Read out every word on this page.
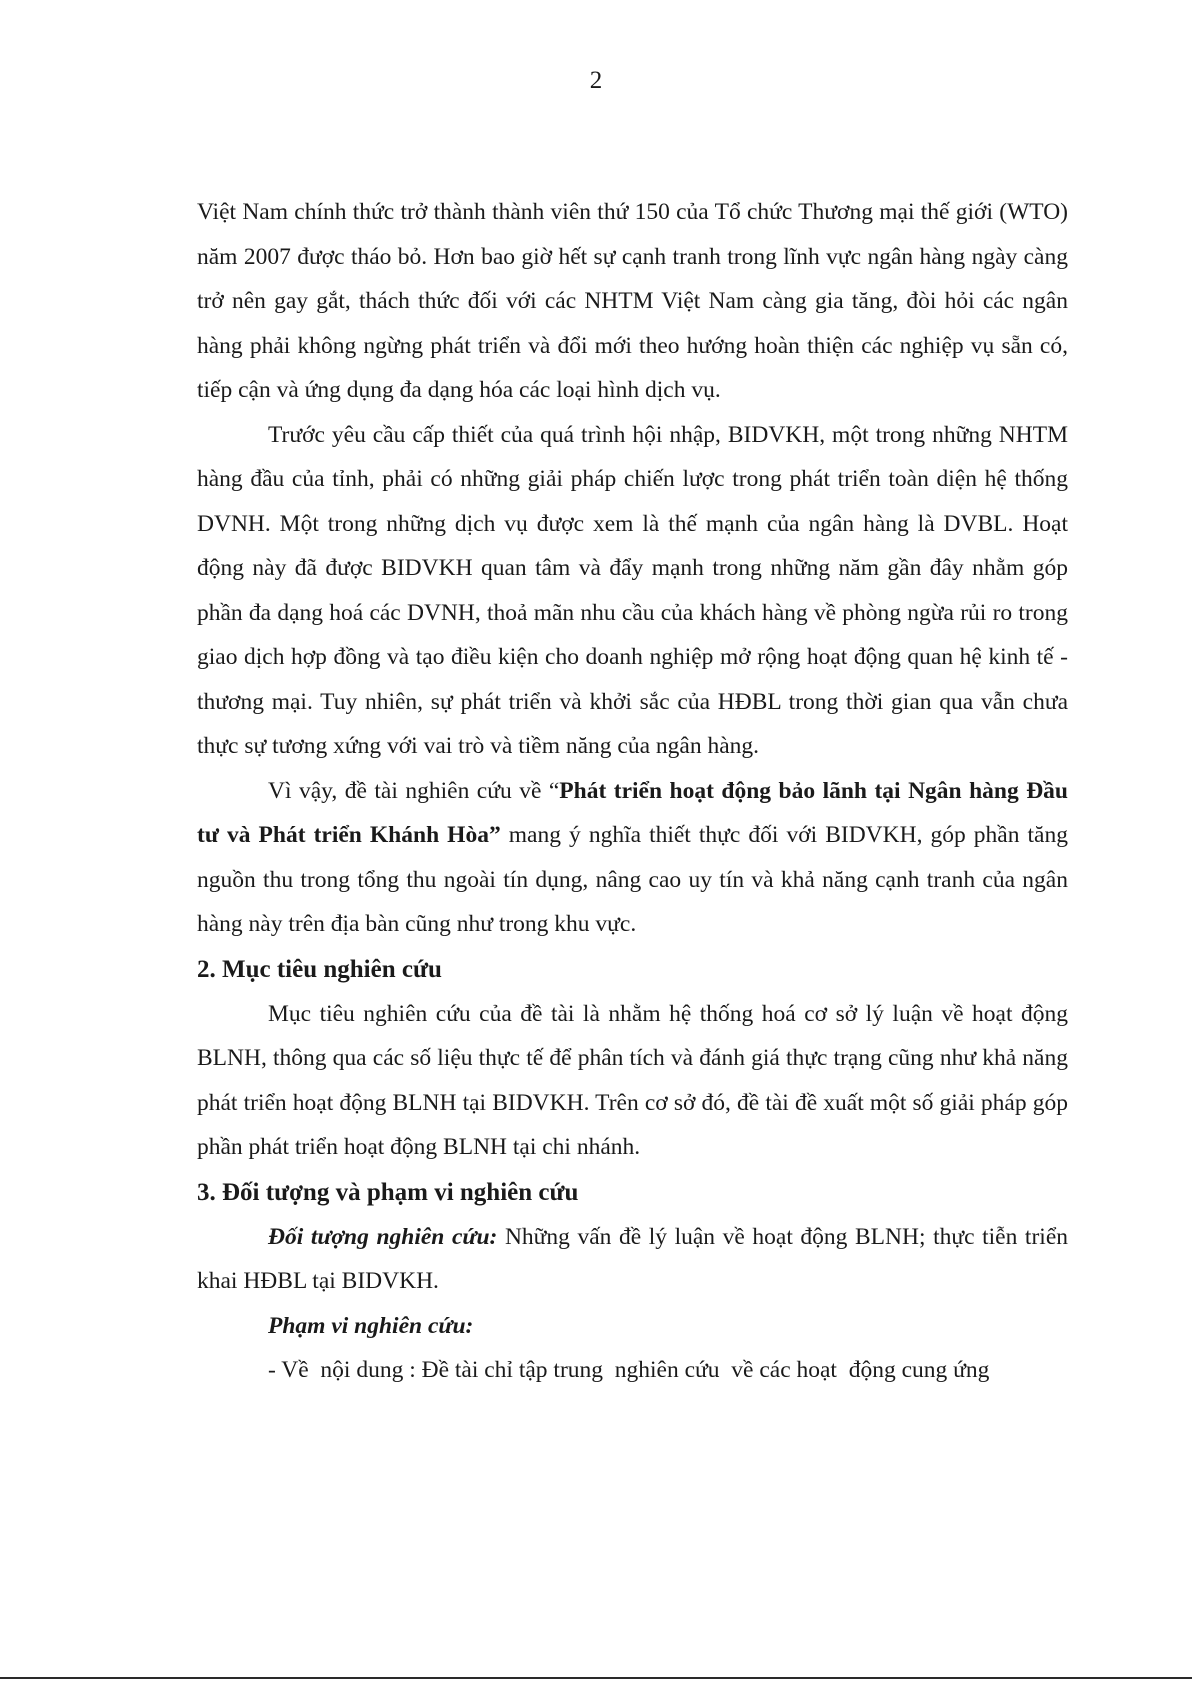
2

Việt Nam chính thức trở thành thành viên thứ 150 của Tổ chức Thương mại thế giới (WTO) năm 2007 được tháo bỏ. Hơn bao giờ hết sự cạnh tranh trong lĩnh vực ngân hàng ngày càng trở nên gay gắt, thách thức đối với các NHTM Việt Nam càng gia tăng, đòi hỏi các ngân hàng phải không ngừng phát triển và đổi mới theo hướng hoàn thiện các nghiệp vụ sẵn có, tiếp cận và ứng dụng đa dạng hóa các loại hình dịch vụ.

Trước yêu cầu cấp thiết của quá trình hội nhập, BIDVKH, một trong những NHTM hàng đầu của tỉnh, phải có những giải pháp chiến lược trong phát triển toàn diện hệ thống DVNH. Một trong những dịch vụ được xem là thế mạnh của ngân hàng là DVBL. Hoạt động này đã được BIDVKH quan tâm và đẩy mạnh trong những năm gần đây nhằm góp phần đa dạng hoá các DVNH, thoả mãn nhu cầu của khách hàng về phòng ngừa rủi ro trong giao dịch hợp đồng và tạo điều kiện cho doanh nghiệp mở rộng hoạt động quan hệ kinh tế - thương mại. Tuy nhiên, sự phát triển và khởi sắc của HĐBL trong thời gian qua vẫn chưa thực sự tương xứng với vai trò và tiềm năng của ngân hàng.

Vì vậy, đề tài nghiên cứu về “Phát triển hoạt động bảo lãnh tại Ngân hàng Đầu tư và Phát triển Khánh Hòa” mang ý nghĩa thiết thực đối với BIDVKH, góp phần tăng nguồn thu trong tổng thu ngoài tín dụng, nâng cao uy tín và khả năng cạnh tranh của ngân hàng này trên địa bàn cũng như trong khu vực.

2. Mục tiêu nghiên cứu

Mục tiêu nghiên cứu của đề tài là nhằm hệ thống hoá cơ sở lý luận về hoạt động BLNH, thông qua các số liệu thực tế để phân tích và đánh giá thực trạng cũng như khả năng phát triển hoạt động BLNH tại BIDVKH. Trên cơ sở đó, đề tài đề xuất một số giải pháp góp phần phát triển hoạt động BLNH tại chi nhánh.

3. Đối tượng và phạm vi nghiên cứu

Đối tượng nghiên cứu: Những vấn đề lý luận về hoạt động BLNH; thực tiễn triển khai HĐBL tại BIDVKH.

Phạm vi nghiên cứu:

- Về  nội dung : Đề tài chỉ tập trung  nghiên cứu  về các hoạt  động cung ứng
